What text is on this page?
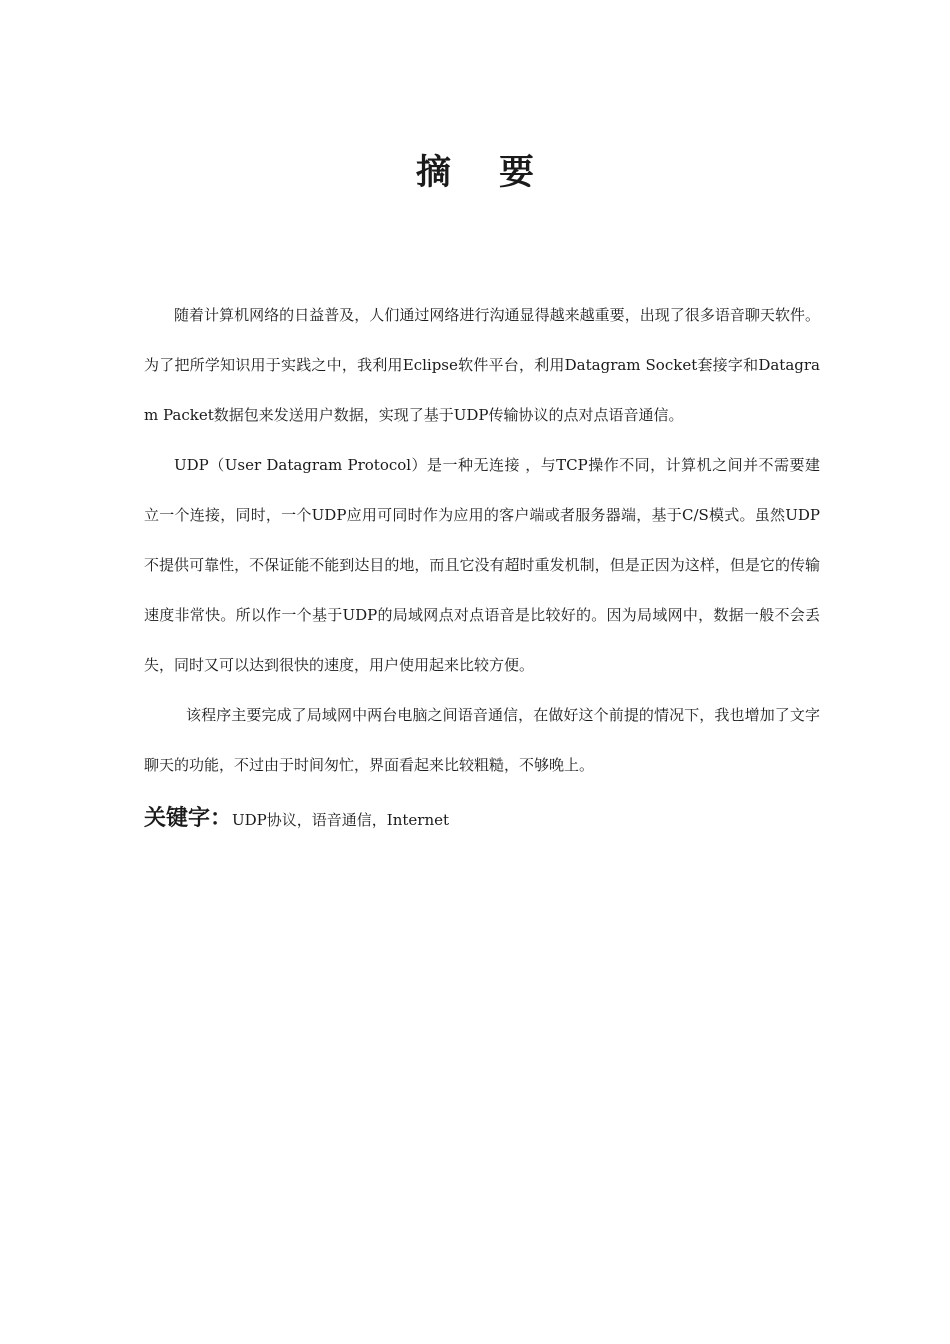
摘要

随着计算机网络的日益普及，人们通过网络进行沟通显得越来越重要，出现了很多语音聊天软件。为了把所学知识用于实践之中，我利用Eclipse软件平台，利用Datagram Socket套接字和Datagram Packet数据包来发送用户数据，实现了基于UDP传输协议的点对点语音通信。

UDP（User Datagram Protocol）是一种无连接 ，与TCP操作不同，计算机之间并不需要建立一个连接，同时，一个UDP应用可同时作为应用的客户端或者服务器端，基于C/S模式。虽然UDP不提供可靠性，不保证能不能到达目的地，而且它没有超时重发机制，但是正因为这样，但是它的传输速度非常快。所以作一个基于UDP的局域网点对点语音是比较好的。因为局域网中，数据一般不会丢失，同时又可以达到很快的速度，用户使用起来比较方便。

该程序主要完成了局域网中两台电脑之间语音通信，在做好这个前提的情况下，我也增加了文字聊天的功能，不过由于时间匆忙，界面看起来比较粗糙，不够晚上。

关键字：UDP协议，语音通信，Internet
